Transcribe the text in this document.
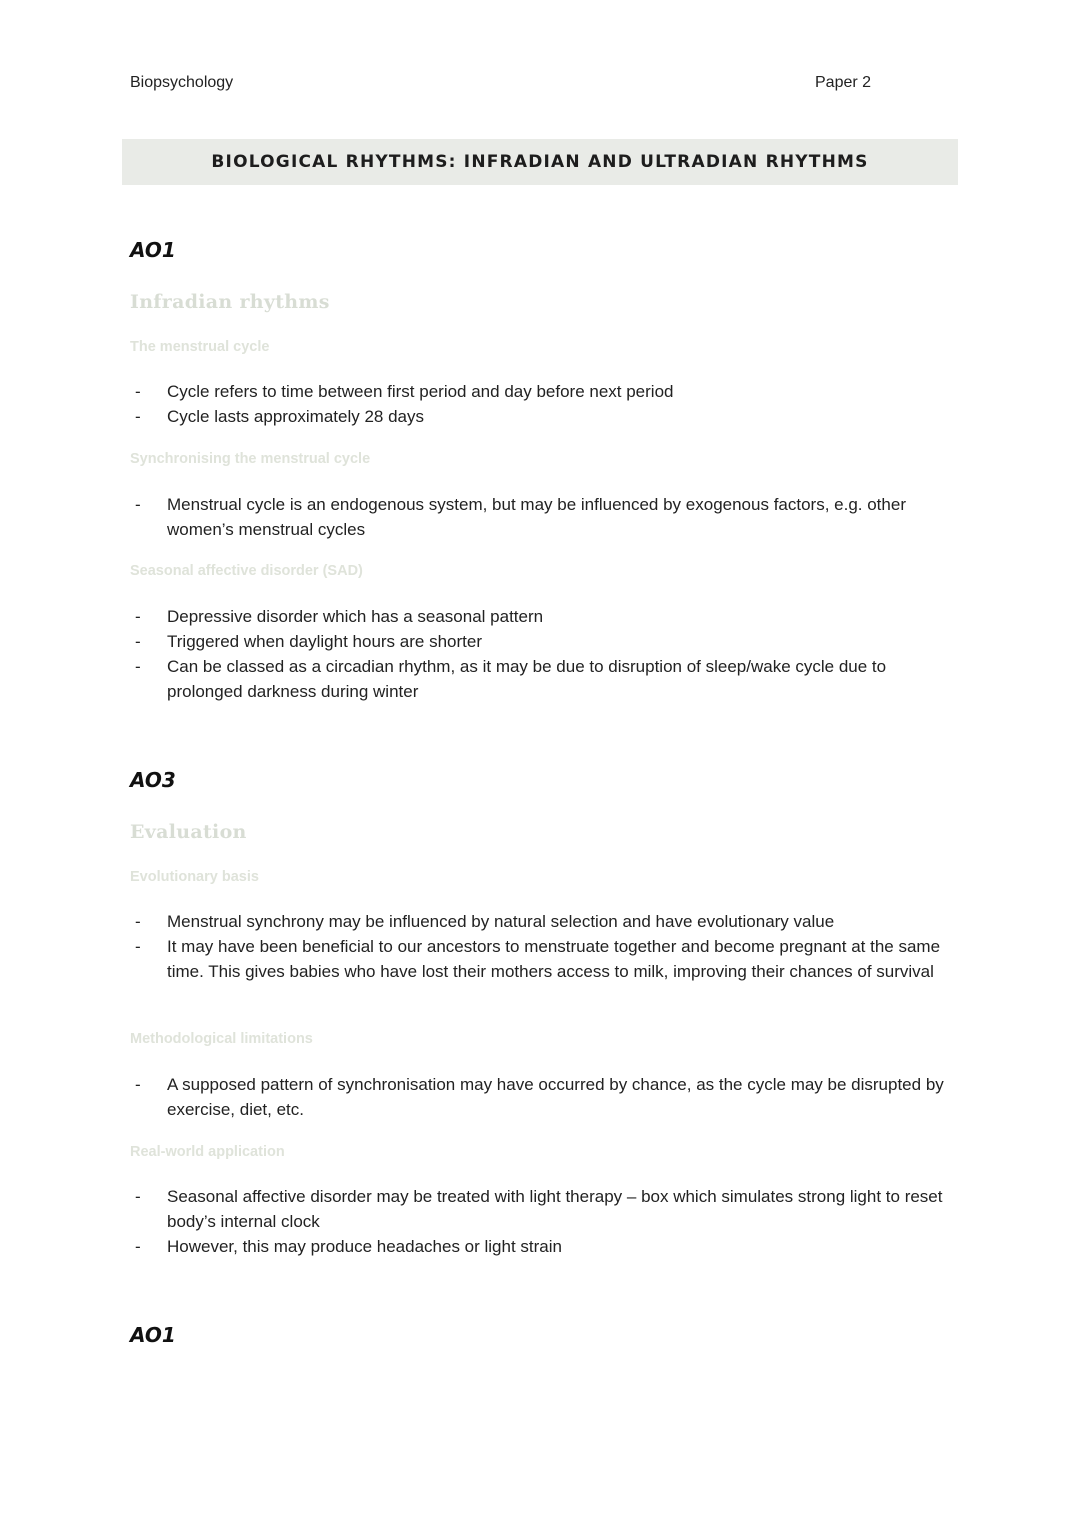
Biopsychology	Paper 2
BIOLOGICAL RHYTHMS: INFRADIAN AND ULTRADIAN RHYTHMS
AO1
Infradian rhythms
The menstrual cycle
- Cycle refers to time between first period and day before next period
- Cycle lasts approximately 28 days
Synchronising the menstrual cycle
- Menstrual cycle is an endogenous system, but may be influenced by exogenous factors, e.g. other women’s menstrual cycles
Seasonal affective disorder (SAD)
- Depressive disorder which has a seasonal pattern
- Triggered when daylight hours are shorter
- Can be classed as a circadian rhythm, as it may be due to disruption of sleep/wake cycle due to prolonged darkness during winter
AO3
Evaluation
Evolutionary basis
- Menstrual synchrony may be influenced by natural selection and have evolutionary value
- It may have been beneficial to our ancestors to menstruate together and become pregnant at the same time. This gives babies who have lost their mothers access to milk, improving their chances of survival
Methodological limitations
- A supposed pattern of synchronisation may have occurred by chance, as the cycle may be disrupted by exercise, diet, etc.
Real-world application
- Seasonal affective disorder may be treated with light therapy – box which simulates strong light to reset body’s internal clock
- However, this may produce headaches or light strain
AO1
